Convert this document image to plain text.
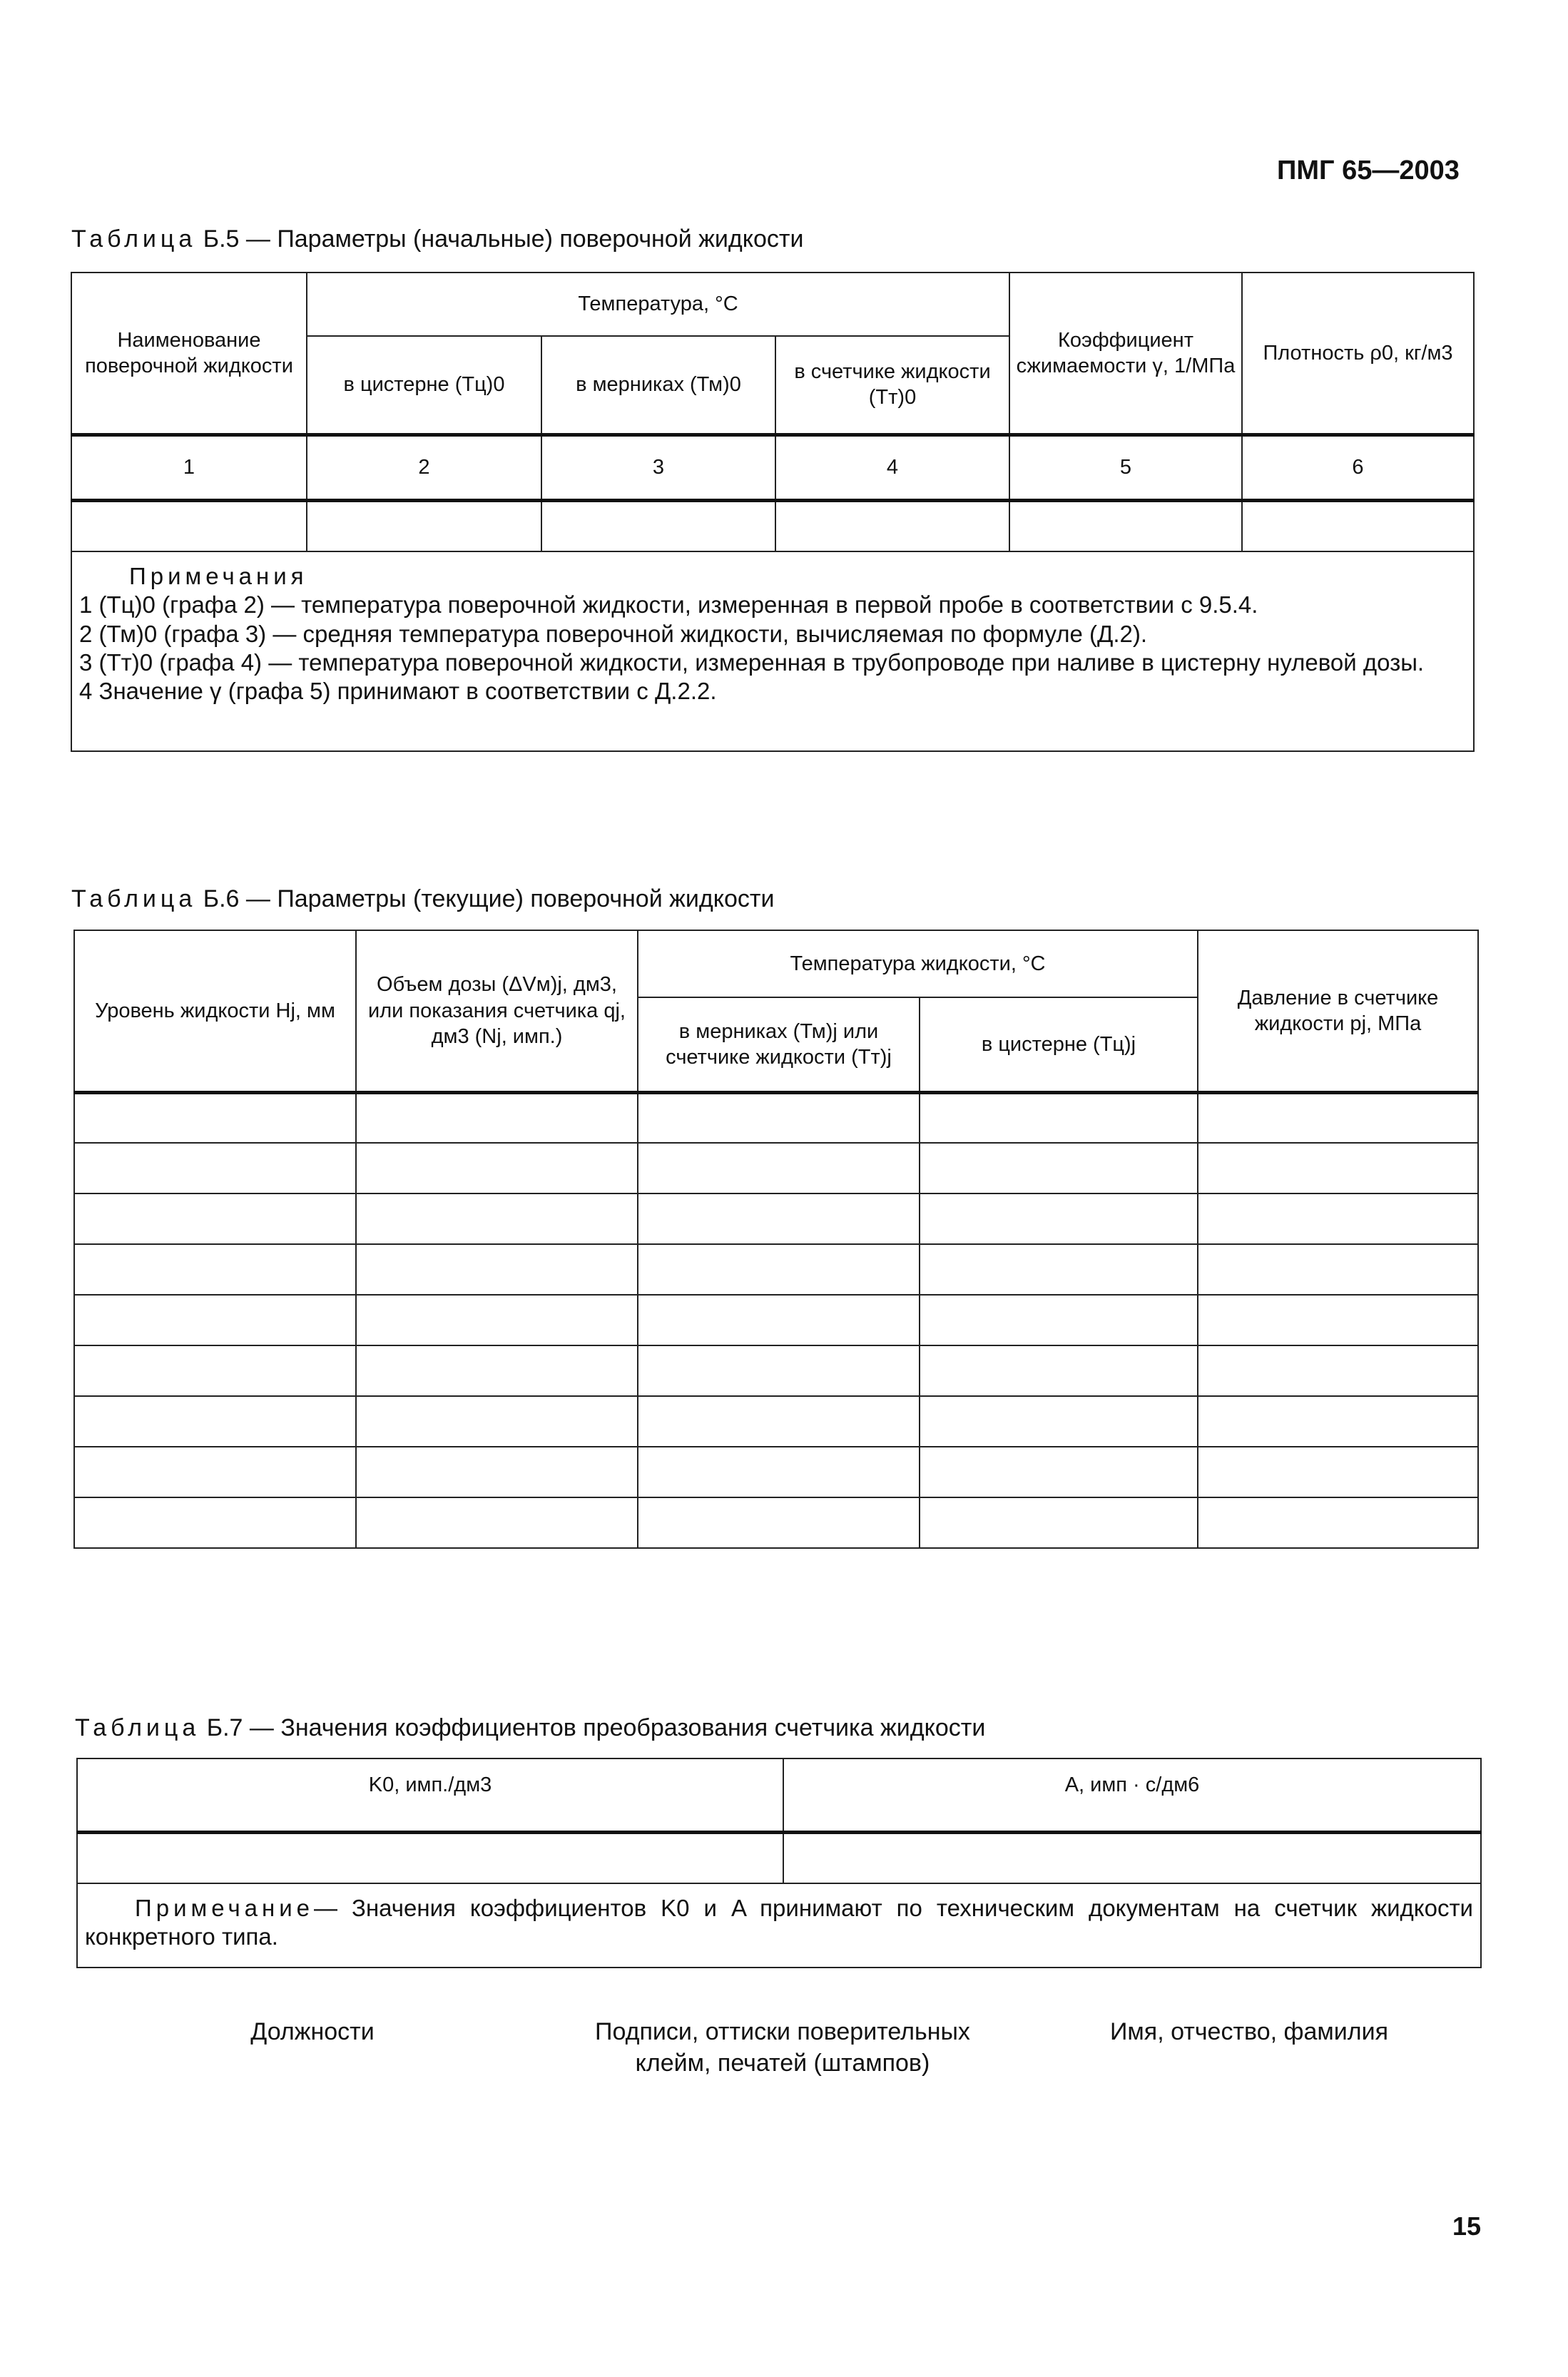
ПМГ 65—2003
Таблица Б.5 — Параметры (начальные) поверочной жидкости
Наименование поверочной жидкости	Температура, °С			Коэффициент сжимаемости γ, 1/МПа	Плотность ρ0, кг/м3
	в цистерне (Тц)0	в мерниках (Тм)0	в счетчике жидкости (Тт)0		
1	2	3	4	5	6

Примечания
1 (Тц)0 (графа 2) — температура поверочной жидкости, измеренная в первой пробе в соответствии с 9.5.4.
2 (Тм)0 (графа 3) — средняя температура поверочной жидкости, вычисляемая по формуле (Д.2).
3 (Тт)0 (графа 4) — температура поверочной жидкости, измеренная в трубопроводе при наливе в цистерну нулевой дозы.
4 Значение γ (графа 5) принимают в соответствии с Д.2.2.					
Таблица Б.6 — Параметры (текущие) поверочной жидкости
Уровень жидкости Hj, мм	Объем дозы (ΔVм)j, дм3, или показания счетчика qj, дм3 (Nj, имп.)	Температура жидкости, °С		Давление в счетчике жидкости pj, МПа
		в мерниках (Тм)j или счетчике жидкости (Тт)j	в цистерне (Тц)j	

Таблица Б.7 — Значения коэффициентов преобразования счетчика жидкости
K0, имп./дм3	A, имп · с/дм6

Примечание— Значения коэффициентов K0 и A принимают по техническим документам на счетчик жидкости конкретного типа.	
Должности	Подписи, оттиски поверительных клейм, печатей (штампов)
Имя, отчество, фамилия
15
